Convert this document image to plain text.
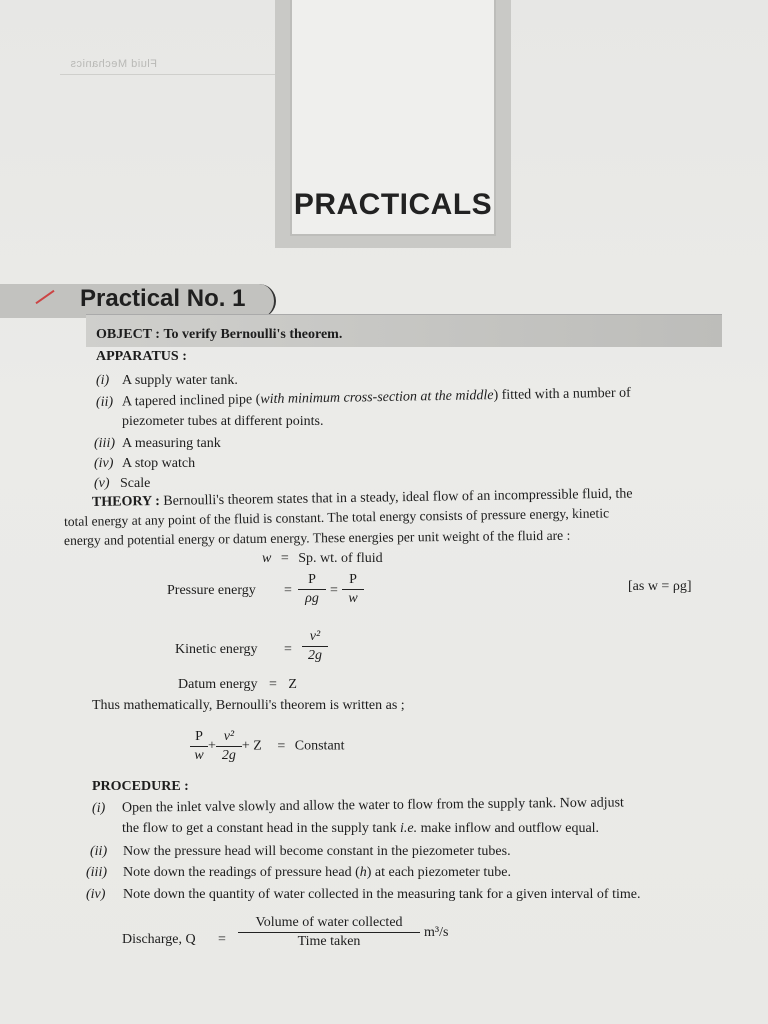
Fluid Mechanics
PRACTICALS
Practical No. 1
OBJECT : To verify Bernoulli's theorem.
APPARATUS :
(i) A supply water tank.
(ii) A tapered inclined pipe (with minimum cross-section at the middle) fitted with a number of
piezometer tubes at different points.
(iii) A measuring tank
(iv) A stop watch
(v) Scale
THEORY : Bernoulli's theorem states that in a steady, ideal flow of an incompressible fluid, the
total energy at any point of the fluid is constant. The total energy consists of pressure energy, kinetic
energy and potential energy or datum energy. These energies per unit weight of the fluid are :
w = Sp. wt. of fluid
Pressure energy = $\frac{P}{\rho g} = \frac{P}{w}$	[as w = ρg]
Kinetic energy = $\frac{\text{v²}}{2g}$
Datum energy = Z
Thus mathematically, Bernoulli's theorem is written as ;
$\frac{P}{w} + \frac{\text{v²}}{2g} + Z$ = Constant
PROCEDURE :
(i) Open the inlet valve slowly and allow the water to flow from the supply tank. Now adjust
the flow to get a constant head in the supply tank i.e. make inflow and outflow equal.
(ii) Now the pressure head will become constant in the piezometer tubes.
(iii) Note down the readings of pressure head (h) at each piezometer tube.
(iv) Note down the quantity of water collected in the measuring tank for a given interval of time.
Discharge, $Q = \frac{\text{Volume of water collected}}{\text{Time taken}} m^3/s$
